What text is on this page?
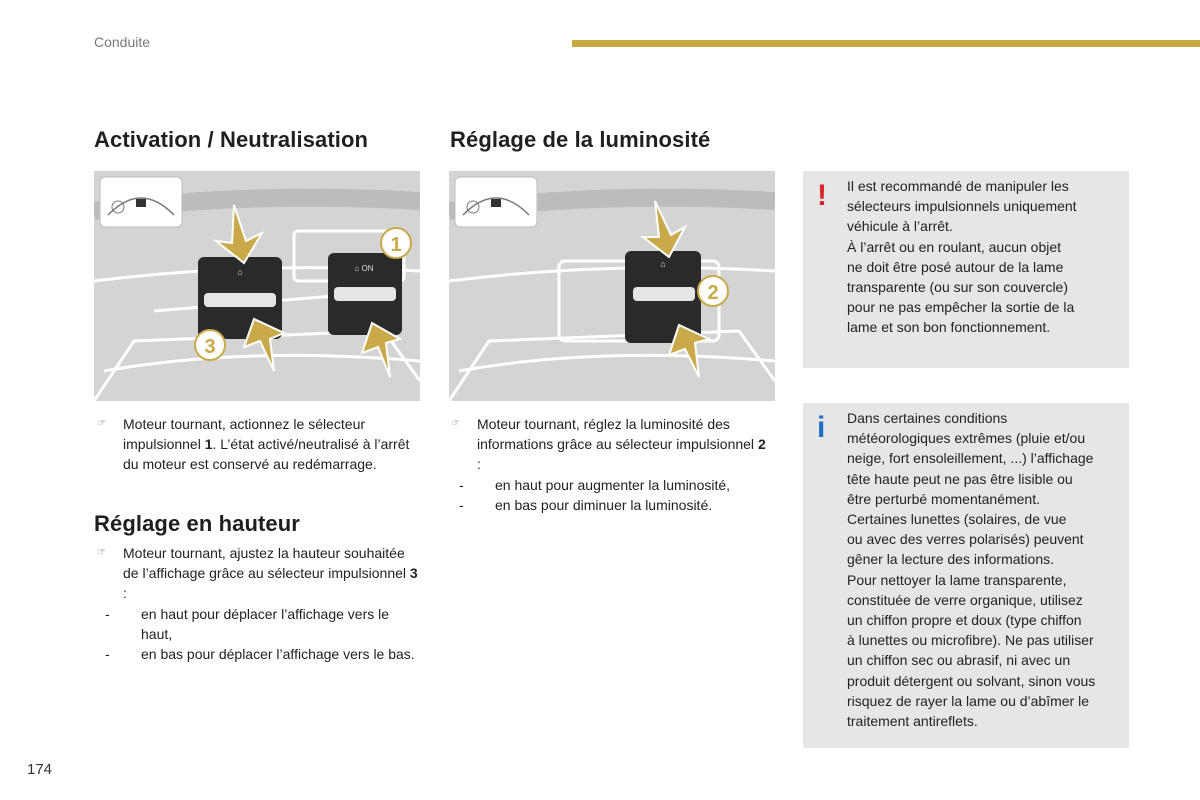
Conduite
Activation / Neutralisation	Réglage de la luminosité
⌂	⌂ ON
1
3
⌂
2
☞ Moteur tournant, actionnez le sélecteur impulsionnel 1. L’état activé/neutralisé à l’arrêt du moteur est conservé au redémarrage.
☞ Moteur tournant, réglez la luminosité des informations grâce au sélecteur impulsionnel 2 :
- en haut pour augmenter la luminosité,
- en bas pour diminuer la luminosité.
Réglage en hauteur
☞ Moteur tournant, ajustez la hauteur souhaitée de l’affichage grâce au sélecteur impulsionnel 3 :
- en haut pour déplacer l’affichage vers le haut,
- en bas pour déplacer l’affichage vers le bas.
! Il est recommandé de manipuler les
sélecteurs impulsionnels uniquement
véhicule à l’arrêt.
À l’arrêt ou en roulant, aucun objet
ne doit être posé autour de la lame
transparente (ou sur son couvercle)
pour ne pas empêcher la sortie de la
lame et son bon fonctionnement.
i Dans certaines conditions
météorologiques extrêmes (pluie et/ou
neige, fort ensoleillement, ...) l’affichage
tête haute peut ne pas être lisible ou
être perturbé momentanément.
Certaines lunettes (solaires, de vue
ou avec des verres polarisés) peuvent
gêner la lecture des informations.
Pour nettoyer la lame transparente,
constituée de verre organique, utilisez
un chiffon propre et doux (type chiffon
à lunettes ou microfibre). Ne pas utiliser
un chiffon sec ou abrasif, ni avec un
produit détergent ou solvant, sinon vous
risquez de rayer la lame ou d’abîmer le
traitement antireflets.
174
